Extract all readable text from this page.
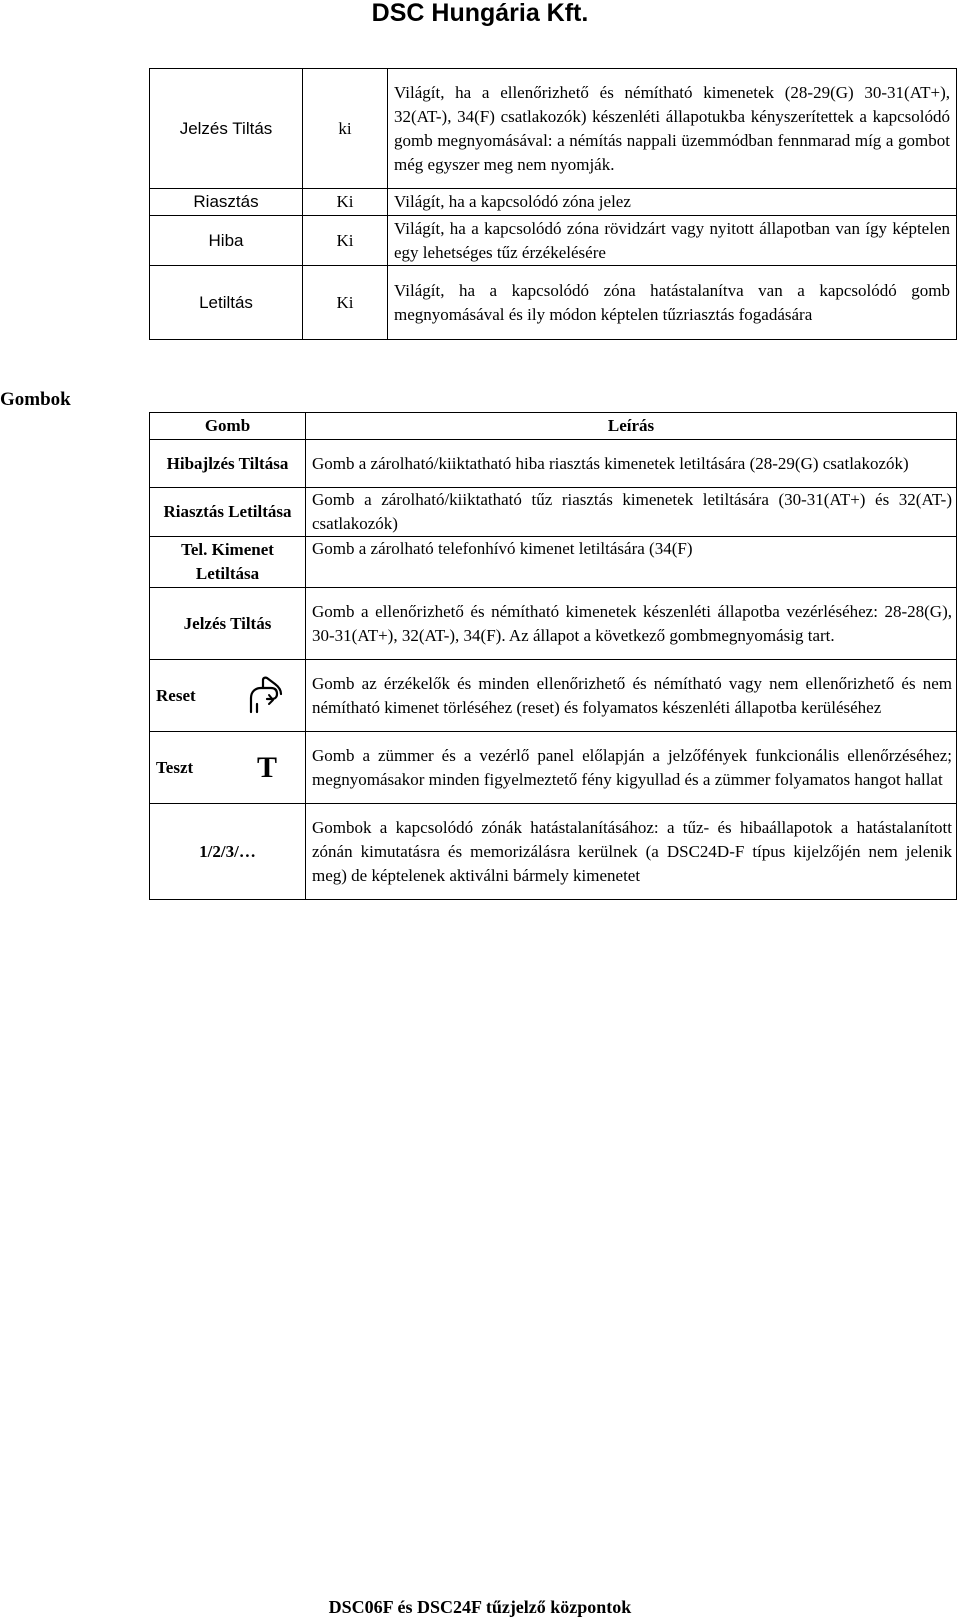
DSC Hungária Kft.
Jelzés Tiltás	ki	Világít, ha a ellenőrizhető és némítható kimenetek (28-29(G) 30-31(AT+), 32(AT-), 34(F) csatlakozók) készenléti állapotukba kényszerítettek a kapcsolódó gomb megnyomásával: a némítás nappali üzemmódban fennmarad míg a gombot még egyszer meg nem nyomják.
Riasztás	Ki	Világít, ha a kapcsolódó zóna jelez
Hiba	Ki	Világít, ha a kapcsolódó zóna rövidzárt vagy nyitott állapotban van így képtelen egy lehetséges tűz érzékelésére
Letiltás	Ki	Világít, ha a kapcsolódó zóna hatástalanítva van a kapcsolódó gomb megnyomásával és ily módon képtelen tűzriasztás fogadására
Gombok
Gomb	Leírás
Hibajlzés Tiltása	Gomb a zárolható/kiiktatható hiba riasztás kimenetek letiltására (28-29(G) csatlakozók)
Riasztás Letiltása	Gomb a zárolható/kiiktatható tűz riasztás kimenetek letiltására (30-31(AT+) és 32(AT-) csatlakozók)
Tel. Kimenet Letiltása	Gomb a zárolható telefonhívó kimenet letiltására (34(F)
Jelzés Tiltás	Gomb a ellenőrizhető és némítható kimenetek készenléti állapotba vezérléséhez: 28-28(G), 30-31(AT+), 32(AT-), 34(F). Az állapot a következő gombmegnyomásig tart.
Reset	Gomb az érzékelők és minden ellenőrizhető és némítható vagy nem ellenőrizhető és nem némítható kimenet törléséhez (reset) és folyamatos készenléti állapotba kerüléséhez
Teszt T	Gomb a zümmer és a vezérlő panel előlapján a jelzőfények funkcionális ellenőrzéséhez; megnyomásakor minden figyelmeztető fény kigyullad és a zümmer folyamatos hangot hallat
1/2/3/…	Gombok a kapcsolódó zónák hatástalanításához: a tűz- és hibaállapotok a hatástalanított zónán kimutatásra és memorizálásra kerülnek (a DSC24D-F típus kijelzőjén nem jelenik meg) de képtelenek aktiválni bármely kimenetet
DSC06F és DSC24F tűzjelző központok
